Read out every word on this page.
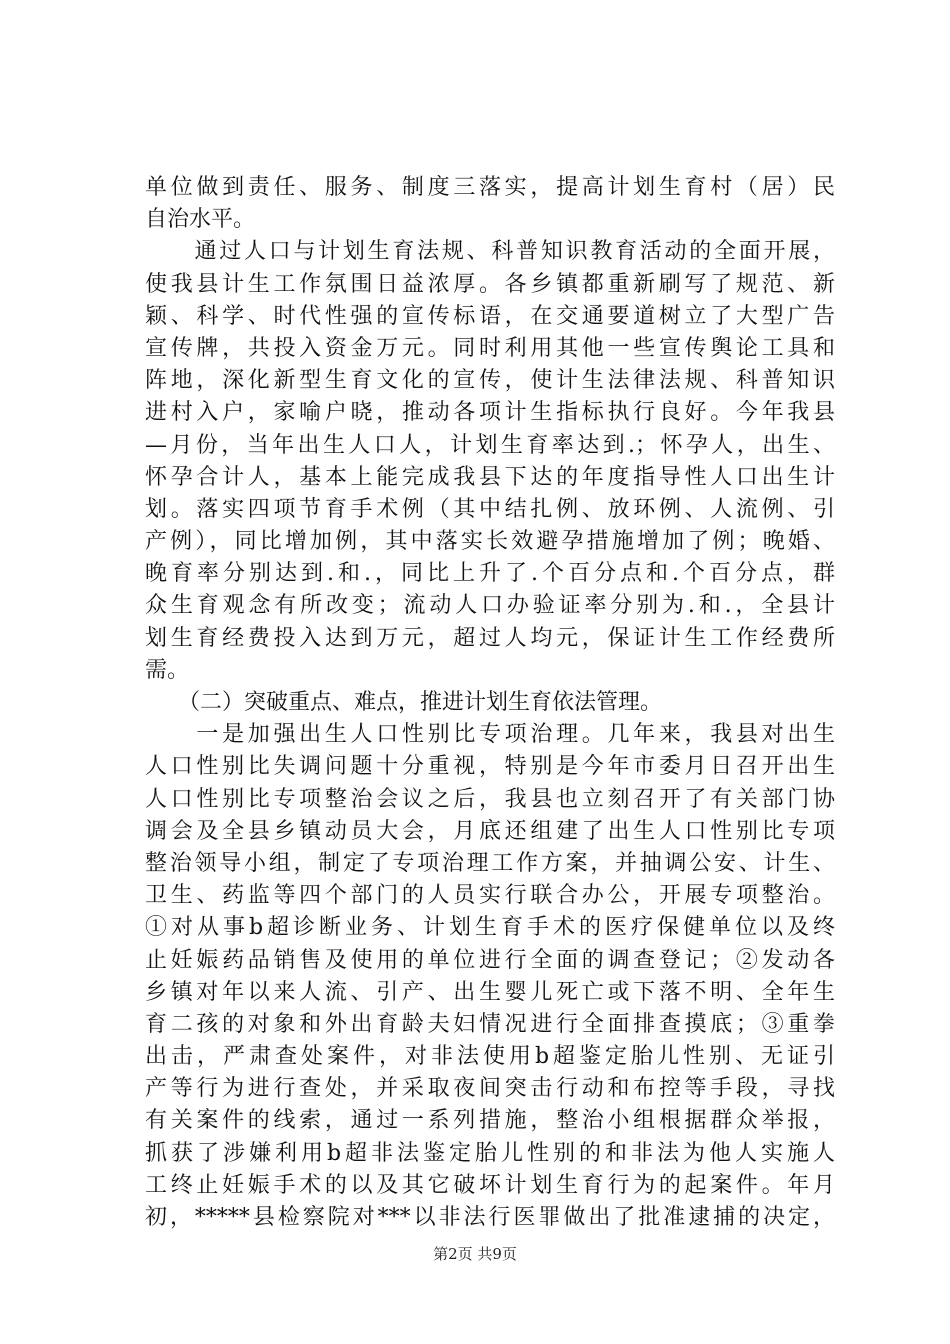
单位做到责任、服务、制度三落实，提高计划生育村（居）民
自治水平。
　　通过人口与计划生育法规、科普知识教育活动的全面开展，
使我县计生工作氛围日益浓厚。各乡镇都重新刷写了规范、新
颖、科学、时代性强的宣传标语，在交通要道树立了大型广告
宣传牌，共投入资金万元。同时利用其他一些宣传舆论工具和
阵地，深化新型生育文化的宣传，使计生法律法规、科普知识
进村入户，家喻户晓，推动各项计生指标执行良好。今年我县
—月份，当年出生人口人，计划生育率达到.；怀孕人，出生、
怀孕合计人，基本上能完成我县下达的年度指导性人口出生计
划。落实四项节育手术例（其中结扎例、放环例、人流例、引
产例），同比增加例，其中落实长效避孕措施增加了例；晚婚、
晚育率分别达到.和.，同比上升了.个百分点和.个百分点，群
众生育观念有所改变；流动人口办验证率分别为.和.，全县计
划生育经费投入达到万元，超过人均元，保证计生工作经费所
需。
　　（二）突破重点、难点，推进计划生育依法管理。
　　一是加强出生人口性别比专项治理。几年来，我县对出生
人口性别比失调问题十分重视，特别是今年市委月日召开出生
人口性别比专项整治会议之后，我县也立刻召开了有关部门协
调会及全县乡镇动员大会，月底还组建了出生人口性别比专项
整治领导小组，制定了专项治理工作方案，并抽调公安、计生、
卫生、药监等四个部门的人员实行联合办公，开展专项整治。
①对从事b超诊断业务、计划生育手术的医疗保健单位以及终
止妊娠药品销售及使用的单位进行全面的调查登记；②发动各
乡镇对年以来人流、引产、出生婴儿死亡或下落不明、全年生
育二孩的对象和外出育龄夫妇情况进行全面排查摸底；③重拳
出击，严肃查处案件，对非法使用b超鉴定胎儿性别、无证引
产等行为进行查处，并采取夜间突击行动和布控等手段，寻找
有关案件的线索，通过一系列措施，整治小组根据群众举报，
抓获了涉嫌利用b超非法鉴定胎儿性别的和非法为他人实施人
工终止妊娠手术的以及其它破坏计划生育行为的起案件。年月
初，*****县检察院对***以非法行医罪做出了批准逮捕的决定，
第2页 共9页
